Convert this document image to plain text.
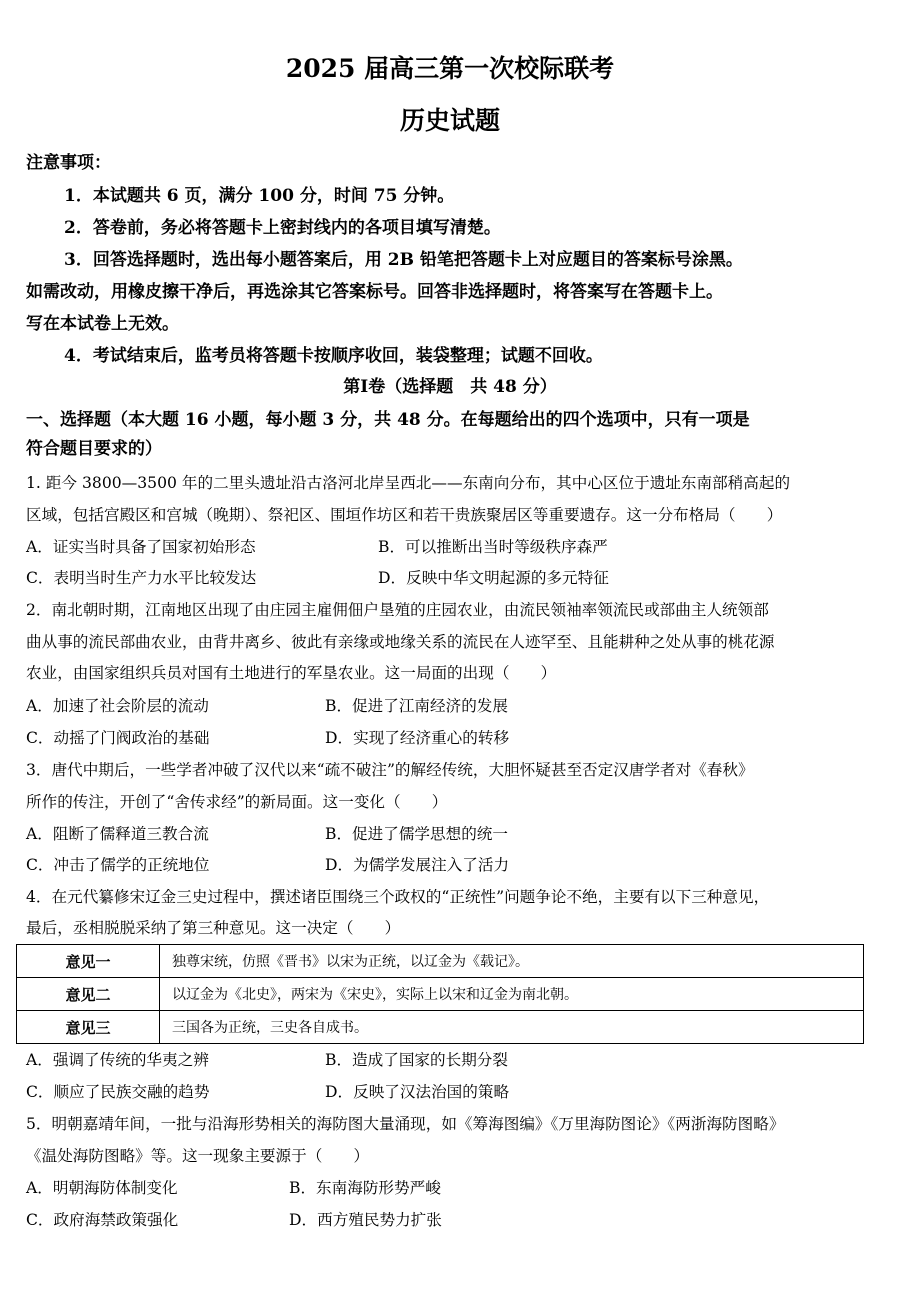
2025 届高三第一次校际联考
历史试题
注意事项：
1．本试题共 6 页，满分 100 分，时间 75 分钟。
2．答卷前，务必将答题卡上密封线内的各项目填写清楚。
3．回答选择题时，选出每小题答案后，用 2B 铅笔把答题卡上对应题目的答案标号涂黑。
如需改动，用橡皮擦干净后，再选涂其它答案标号。回答非选择题时，将答案写在答题卡上。
写在本试卷上无效。
4．考试结束后，监考员将答题卡按顺序收回，装袋整理；试题不回收。
第Ⅰ卷（选择题　共 48 分）
一、选择题（本大题 16 小题，每小题 3 分，共 48 分。在每题给出的四个选项中，只有一项是
符合题目要求的）
1. 距今 3800—3500 年的二里头遗址沿古洛河北岸呈西北——东南向分布，其中心区位于遗址东南部稍高起的
区域，包括宫殿区和宫城（晚期）、祭祀区、围垣作坊区和若干贵族聚居区等重要遗存。这一分布格局（　　）
A．证实当时具备了国家初始形态	B．可以推断出当时等级秩序森严
C．表明当时生产力水平比较发达	D．反映中华文明起源的多元特征
2．南北朝时期，江南地区出现了由庄园主雇佣佃户垦殖的庄园农业，由流民领袖率领流民或部曲主人统领部
曲从事的流民部曲农业，由背井离乡、彼此有亲缘或地缘关系的流民在人迹罕至、且能耕种之处从事的桃花源
农业，由国家组织兵员对国有土地进行的军垦农业。这一局面的出现（　　）
A．加速了社会阶层的流动	B．促进了江南经济的发展
C．动摇了门阀政治的基础	D．实现了经济重心的转移
3．唐代中期后，一些学者冲破了汉代以来“疏不破注”的解经传统，大胆怀疑甚至否定汉唐学者对《春秋》
所作的传注，开创了“舍传求经”的新局面。这一变化（　　）
A．阻断了儒释道三教合流	B．促进了儒学思想的统一
C．冲击了儒学的正统地位	D．为儒学发展注入了活力
4．在元代纂修宋辽金三史过程中，撰述诸臣围绕三个政权的“正统性”问题争论不绝，主要有以下三种意见，
最后，丞相脱脱采纳了第三种意见。这一决定（　　）
意见一	独尊宋统，仿照《晋书》以宋为正统，以辽金为《载记》。
意见二	以辽金为《北史》，两宋为《宋史》，实际上以宋和辽金为南北朝。
意见三	三国各为正统，三史各自成书。
A．强调了传统的华夷之辨	B．造成了国家的长期分裂
C．顺应了民族交融的趋势	D．反映了汉法治国的策略
5．明朝嘉靖年间，一批与沿海形势相关的海防图大量涌现，如《筹海图编》《万里海防图论》《两浙海防图略》
《温处海防图略》等。这一现象主要源于（　　）
A．明朝海防体制变化	B．东南海防形势严峻
C．政府海禁政策强化	D．西方殖民势力扩张
